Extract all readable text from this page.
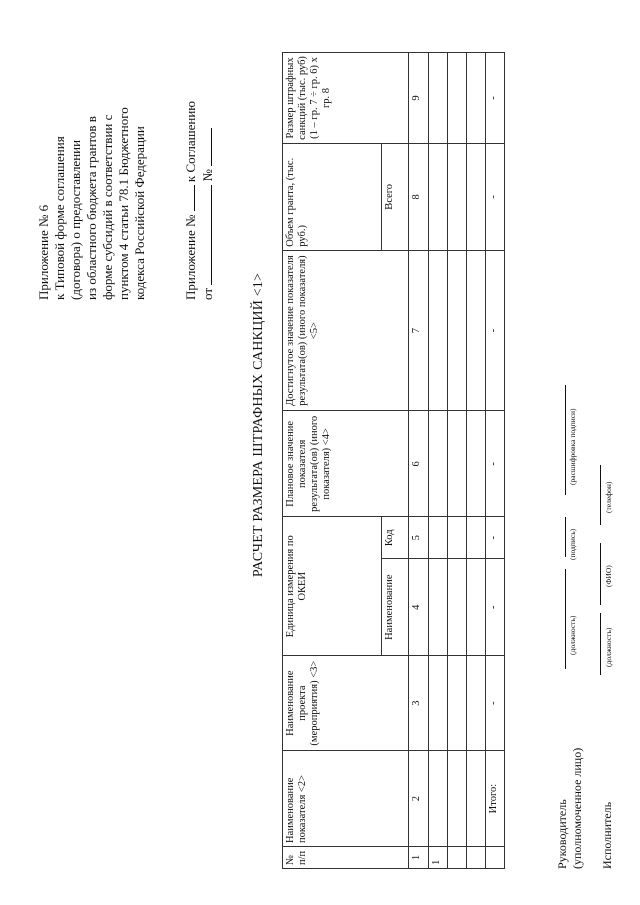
Приложение № 6 к Типовой форме соглашения (договора) о предоставлении из областного бюджета грантов в форме субсидий в соответствии с пунктом 4 статьи 78.1 Бюджетного кодекса Российской Федерации	Приложение №  к Соглашению
от  №
РАСЧЕТ РАЗМЕРА ШТРАФНЫХ САНКЦИЙ <1>
№ п/п	Наименование показателя <2>	Наименование проекта (мероприятия) <3>	Единица измерения по ОКЕИ		Плановое значение показателя результата(ов) (иного показателя) <4>	Достигнутое значение показателя результата(ов) (иного показателя) <5>	Объем гранта, (тыс. руб.)	Размер штрафных санкций (тыс. руб) (1 – гр. 7 ÷ гр. 6) х гр. 8
			Наименование	Код			Всего	
1	2	3	4	5	6	7	8	9
1								

	Итого:	-	-	-	-	-	-	-
Руководитель (уполномоченное лицо)
(должность)
(подпись)
(расшифровка подписи)
Исполнитель
(должность)
(ФИО)
(телефон)
